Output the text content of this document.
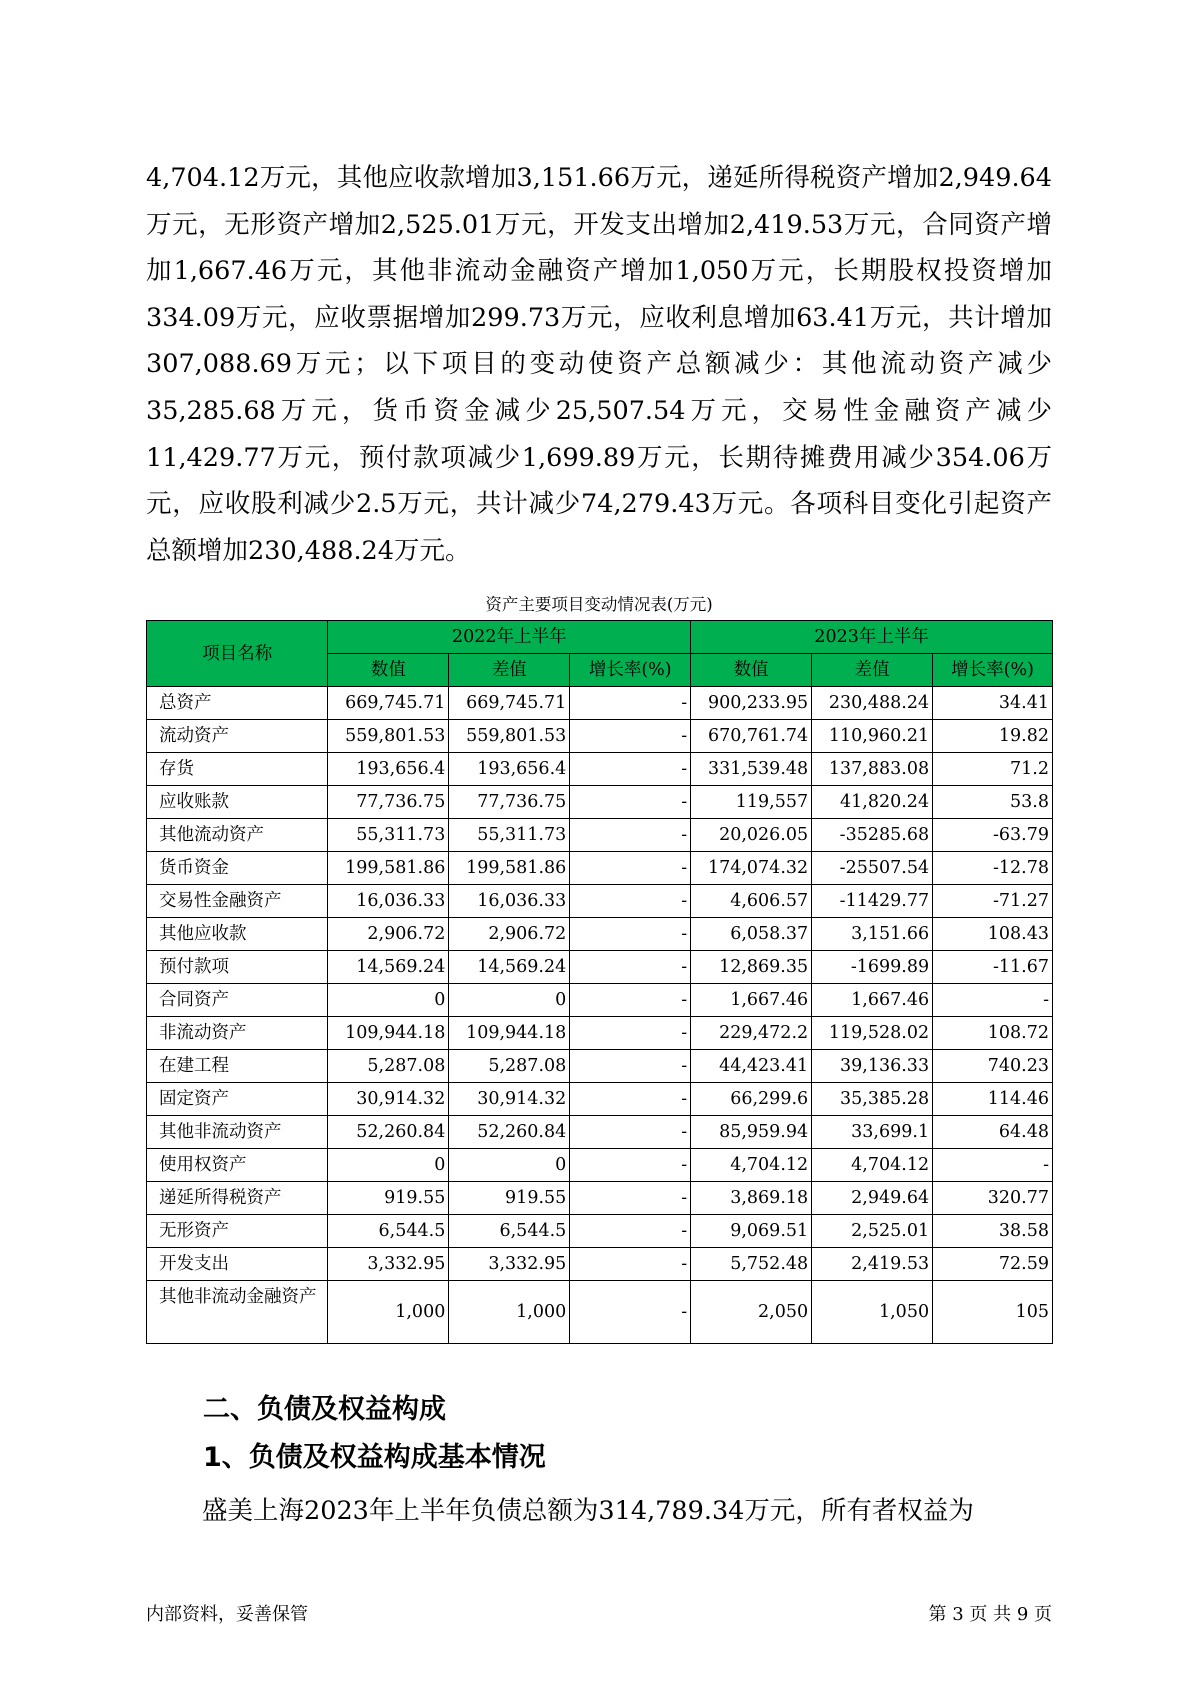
4,704.12万元，其他应收款增加3,151.66万元，递延所得税资产增加2,949.64万元，无形资产增加2,525.01万元，开发支出增加2,419.53万元，合同资产增加1,667.46万元，其他非流动金融资产增加1,050万元，长期股权投资增加334.09万元，应收票据增加299.73万元，应收利息增加63.41万元，共计增加307,088.69万元；以下项目的变动使资产总额减少：其他流动资产减少35,285.68万元，货币资金减少25,507.54万元，交易性金融资产减少11,429.77万元，预付款项减少1,699.89万元，长期待摊费用减少354.06万元，应收股利减少2.5万元，共计减少74,279.43万元。各项科目变化引起资产总额增加230,488.24万元。

资产主要项目变动情况表(万元)
项目名称	2022年上半年			2023年上半年		
	数值	差值	增长率(%)	数值	差值	增长率(%)
总资产	669,745.71	669,745.71	-	900,233.95	230,488.24	34.41
流动资产	559,801.53	559,801.53	-	670,761.74	110,960.21	19.82
存货	193,656.4	193,656.4	-	331,539.48	137,883.08	71.2
应收账款	77,736.75	77,736.75	-	119,557	41,820.24	53.8
其他流动资产	55,311.73	55,311.73	-	20,026.05	-35285.68	-63.79
货币资金	199,581.86	199,581.86	-	174,074.32	-25507.54	-12.78
交易性金融资产	16,036.33	16,036.33	-	4,606.57	-11429.77	-71.27
其他应收款	2,906.72	2,906.72	-	6,058.37	3,151.66	108.43
预付款项	14,569.24	14,569.24	-	12,869.35	-1699.89	-11.67
合同资产	0	0	-	1,667.46	1,667.46	-
非流动资产	109,944.18	109,944.18	-	229,472.2	119,528.02	108.72
在建工程	5,287.08	5,287.08	-	44,423.41	39,136.33	740.23
固定资产	30,914.32	30,914.32	-	66,299.6	35,385.28	114.46
其他非流动资产	52,260.84	52,260.84	-	85,959.94	33,699.1	64.48
使用权资产	0	0	-	4,704.12	4,704.12	-
递延所得税资产	919.55	919.55	-	3,869.18	2,949.64	320.77
无形资产	6,544.5	6,544.5	-	9,069.51	2,525.01	38.58
开发支出	3,332.95	3,332.95	-	5,752.48	2,419.53	72.59
其他非流动金融资产	1,000	1,000	-	2,050	1,050	105
二、负债及权益构成
1、负债及权益构成基本情况

盛美上海2023年上半年负债总额为314,789.34万元，所有者权益为

内部资料，妥善保管	第 3 页 共 9 页
